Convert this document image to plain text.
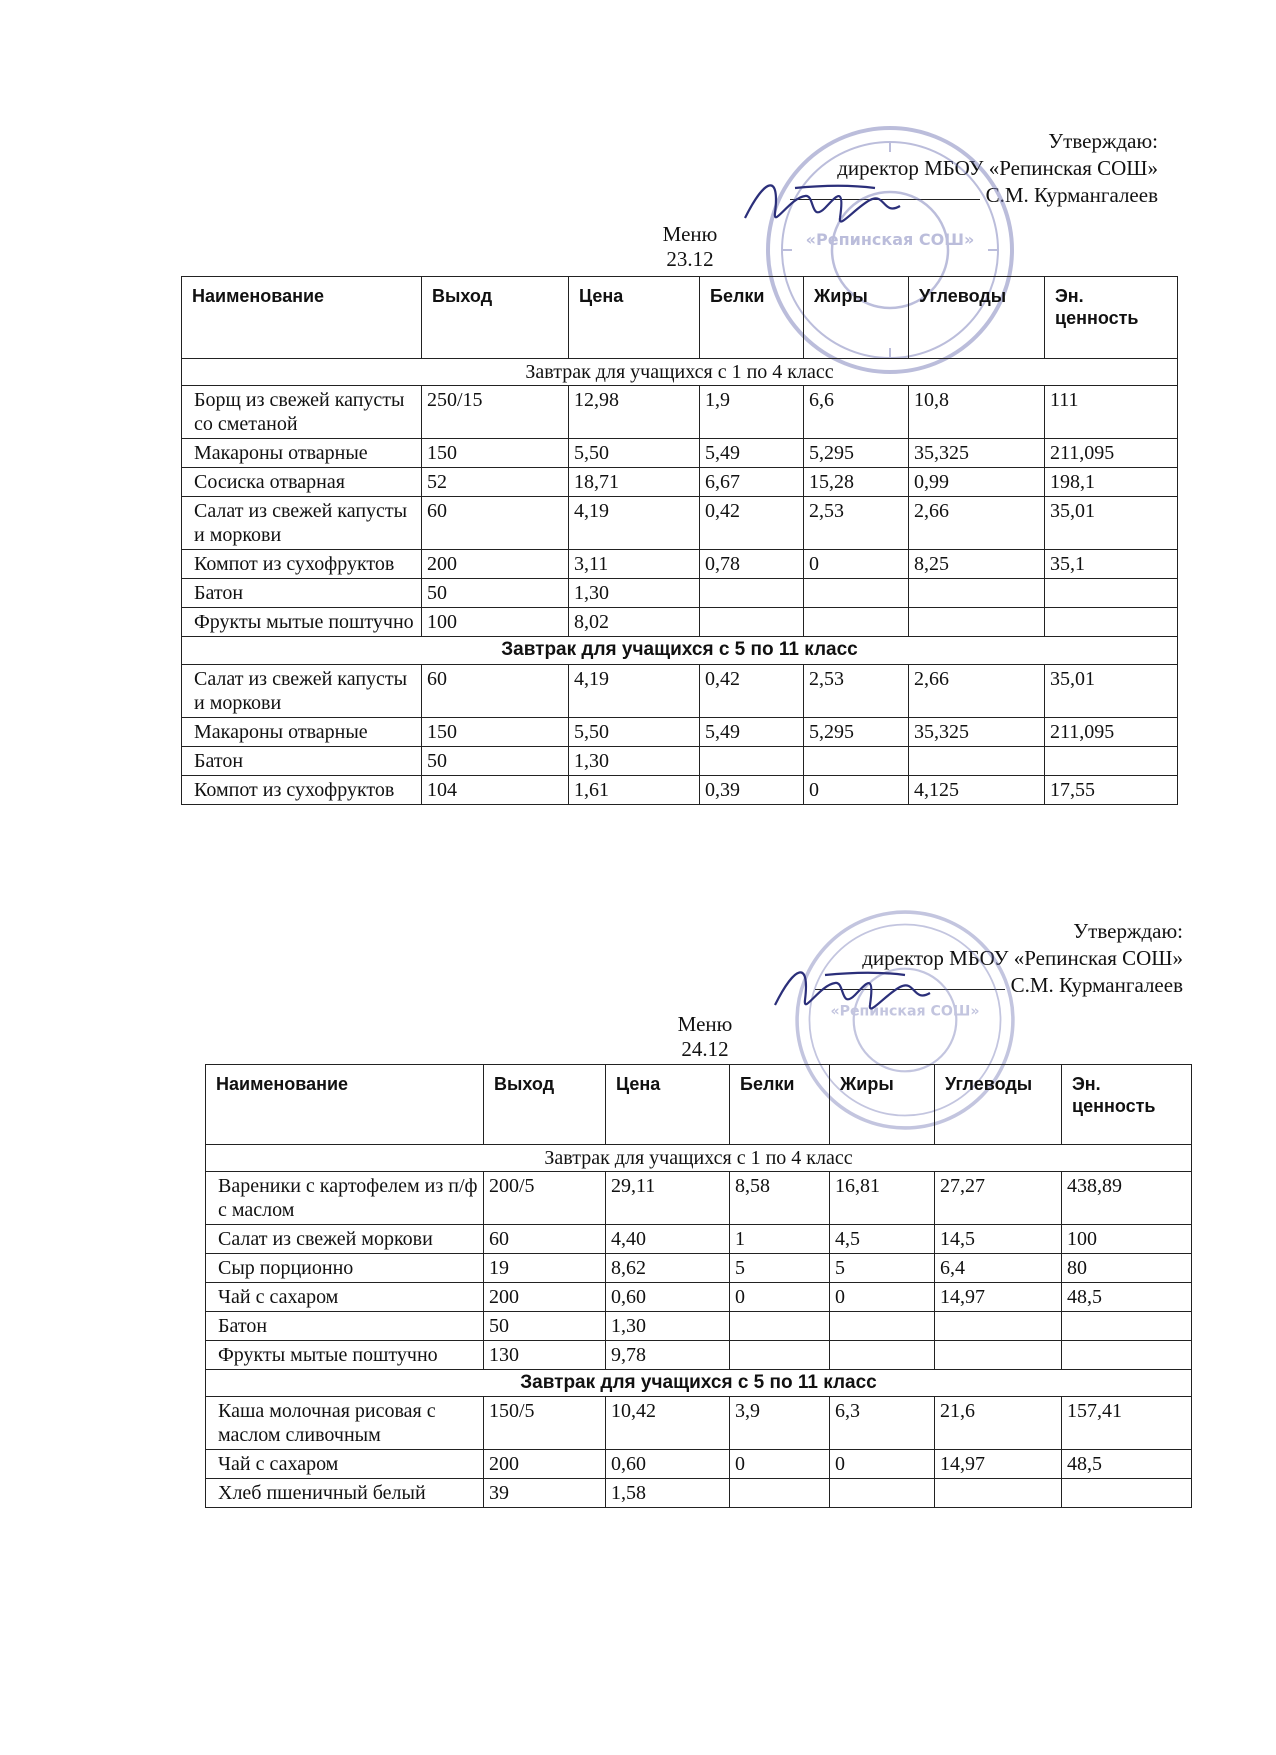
Утверждаю:
директор МБОУ «Репинская СОШ»
С.М. Курмангалеев
«Репинская СОШ»
Меню
23.12
Наименование	Выход	Цена	Белки	Жиры	Углеводы	Эн. ценность
Завтрак для учащихся с 1 по 4 класс						
Борщ из свежей капусты со сметаной	250/15	12,98	1,9	6,6	10,8	111
Макароны отварные	150	5,50	5,49	5,295	35,325	211,095
Сосиска отварная	52	18,71	6,67	15,28	0,99	198,1
Салат из свежей капусты и моркови	60	4,19	0,42	2,53	2,66	35,01
Компот из сухофруктов	200	3,11	0,78	0	8,25	35,1
Батон	50	1,30				
Фрукты мытые поштучно	100	8,02				
Завтрак для учащихся с 5 по 11 класс						
Салат из свежей капусты и моркови	60	4,19	0,42	2,53	2,66	35,01
Макароны отварные	150	5,50	5,49	5,295	35,325	211,095
Батон	50	1,30				
Компот из сухофруктов	104	1,61	0,39	0	4,125	17,55
Утверждаю:
директор МБОУ «Репинская СОШ»
С.М. Курмангалеев
«Репинская СОШ»
Меню
24.12
Наименование	Выход	Цена	Белки	Жиры	Углеводы	Эн. ценность
Завтрак для учащихся с 1 по 4 класс						
Вареники с картофелем из п/ф с маслом	200/5	29,11	8,58	16,81	27,27	438,89
Салат из свежей моркови	60	4,40	1	4,5	14,5	100
Сыр порционно	19	8,62	5	5	6,4	80
Чай с сахаром	200	0,60	0	0	14,97	48,5
Батон	50	1,30				
Фрукты мытые поштучно	130	9,78				
Завтрак для учащихся с 5 по 11 класс						
Каша молочная рисовая с маслом сливочным	150/5	10,42	3,9	6,3	21,6	157,41
Чай с сахаром	200	0,60	0	0	14,97	48,5
Хлеб пшеничный белый	39	1,58				
